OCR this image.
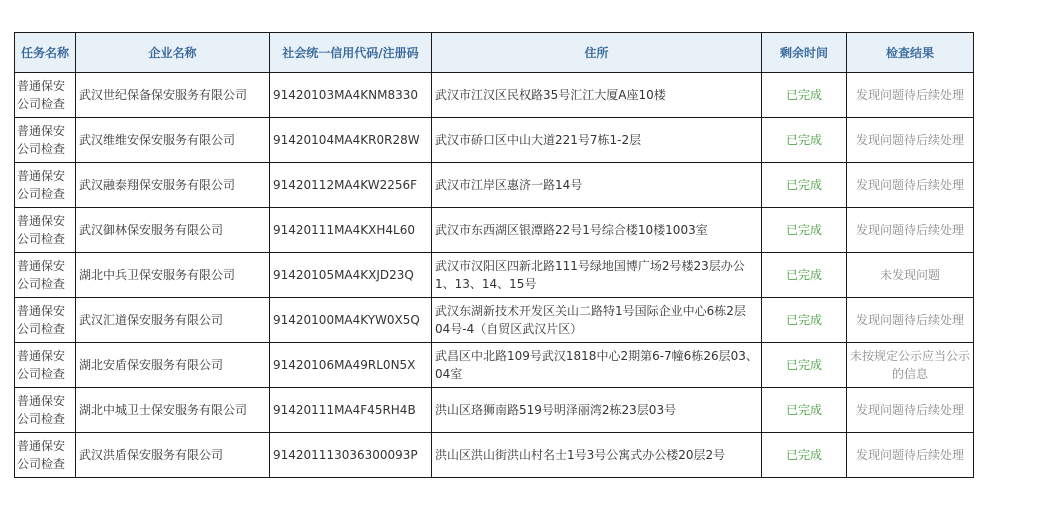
任务名称	企业名称	社会统一信用代码/注册码	住所	剩余时间	检查结果
普通保安公司检查	武汉世纪保备保安服务有限公司	91420103MA4KNM8330	武汉市江汉区民权路35号汇江大厦A座10楼	已完成	发现问题待后续处理
普通保安公司检查	武汉维维安保安服务有限公司	91420104MA4KR0R28W	武汉市硚口区中山大道221号7栋1-2层	已完成	发现问题待后续处理
普通保安公司检查	武汉融泰翔保安服务有限公司	91420112MA4KW2256F	武汉市江岸区惠济一路14号	已完成	发现问题待后续处理
普通保安公司检查	武汉御林保安服务有限公司	91420111MA4KXH4L60	武汉市东西湖区银潭路22号1号综合楼10楼1003室	已完成	发现问题待后续处理
普通保安公司检查	湖北中兵卫保安服务有限公司	91420105MA4KXJD23Q	武汉市汉阳区四新北路111号绿地国博广场2号楼23层办公1、13、14、15号	已完成	未发现问题
普通保安公司检查	武汉汇道保安服务有限公司	91420100MA4KYW0X5Q	武汉东湖新技术开发区关山二路特1号国际企业中心6栋2层04号-4（自贸区武汉片区）	已完成	发现问题待后续处理
普通保安公司检查	湖北安盾保安服务有限公司	91420106MA49RL0N5X	武昌区中北路109号武汉1818中心2期第6-7幢6栋26层03、04室	已完成	未按规定公示应当公示的信息
普通保安公司检查	湖北中城卫士保安服务有限公司	91420111MA4F45RH4B	洪山区珞狮南路519号明泽丽湾2栋23层03号	已完成	发现问题待后续处理
普通保安公司检查	武汉洪盾保安服务有限公司	914201113036300093P	洪山区洪山街洪山村名士1号3号公寓式办公楼20层2号	已完成	发现问题待后续处理
